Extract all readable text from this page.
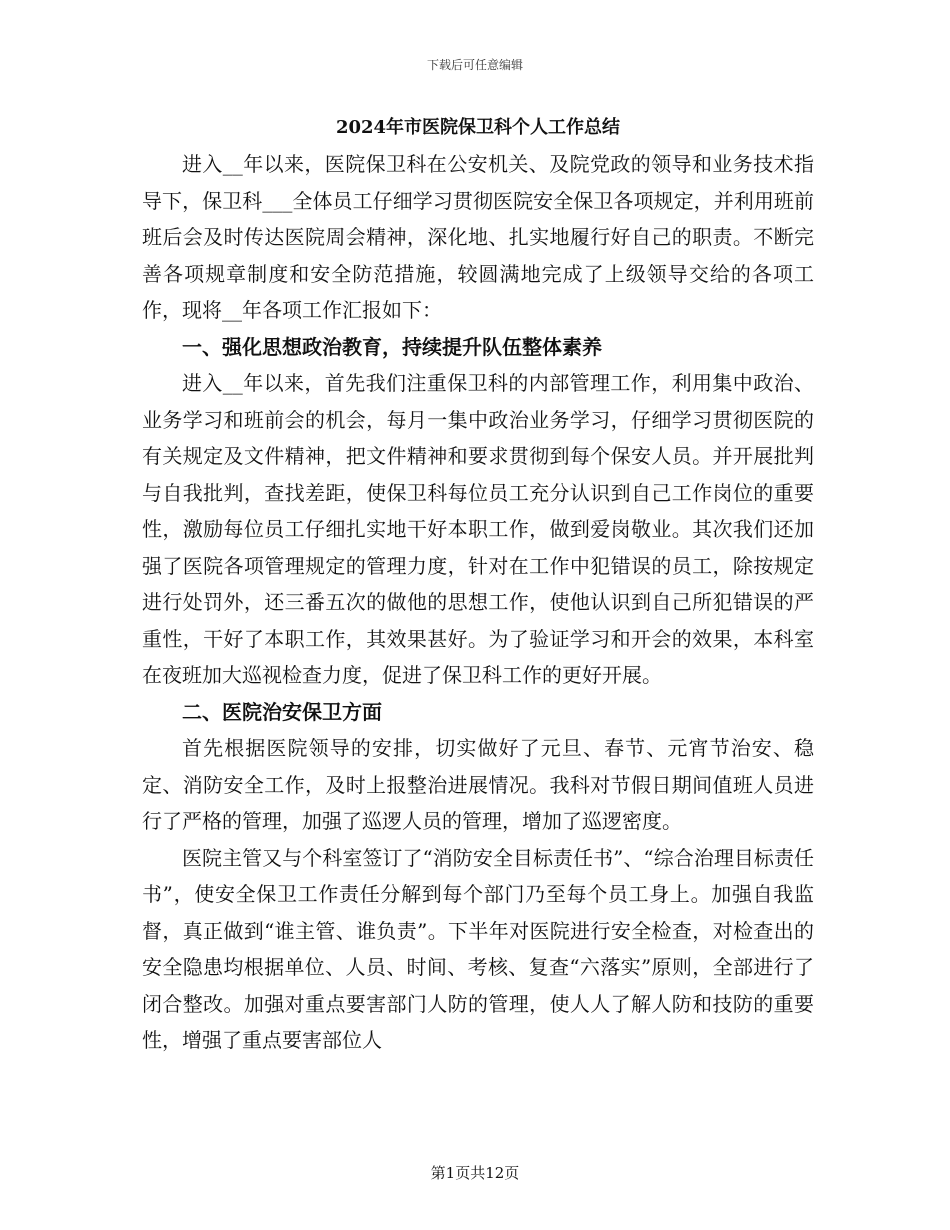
下载后可任意编辑
2024年市医院保卫科个人工作总结

进入__年以来，医院保卫科在公安机关、及院党政的领导和业务技术指导下，保卫科___全体员工仔细学习贯彻医院安全保卫各项规定，并利用班前班后会及时传达医院周会精神，深化地、扎实地履行好自己的职责。不断完善各项规章制度和安全防范措施，较圆满地完成了上级领导交给的各项工作，现将__年各项工作汇报如下：

一、强化思想政治教育，持续提升队伍整体素养

进入__年以来，首先我们注重保卫科的内部管理工作，利用集中政治、业务学习和班前会的机会，每月一集中政治业务学习，仔细学习贯彻医院的有关规定及文件精神，把文件精神和要求贯彻到每个保安人员。并开展批判与自我批判，查找差距，使保卫科每位员工充分认识到自己工作岗位的重要性，激励每位员工仔细扎实地干好本职工作，做到爱岗敬业。其次我们还加强了医院各项管理规定的管理力度，针对在工作中犯错误的员工，除按规定进行处罚外，还三番五次的做他的思想工作，使他认识到自己所犯错误的严重性，干好了本职工作，其效果甚好。为了验证学习和开会的效果，本科室在夜班加大巡视检查力度，促进了保卫科工作的更好开展。

二、医院治安保卫方面

首先根据医院领导的安排，切实做好了元旦、春节、元宵节治安、稳定、消防安全工作，及时上报整治进展情况。我科对节假日期间值班人员进行了严格的管理，加强了巡逻人员的管理，增加了巡逻密度。

医院主管又与个科室签订了“消防安全目标责任书”、“综合治理目标责任书”，使安全保卫工作责任分解到每个部门乃至每个员工身上。加强自我监督，真正做到“谁主管、谁负责”。下半年对医院进行安全检查，对检查出的安全隐患均根据单位、人员、时间、考核、复查“六落实”原则，全部进行了闭合整改。加强对重点要害部门人防的管理，使人人了解人防和技防的重要性，增强了重点要害部位人

第1页共12页
